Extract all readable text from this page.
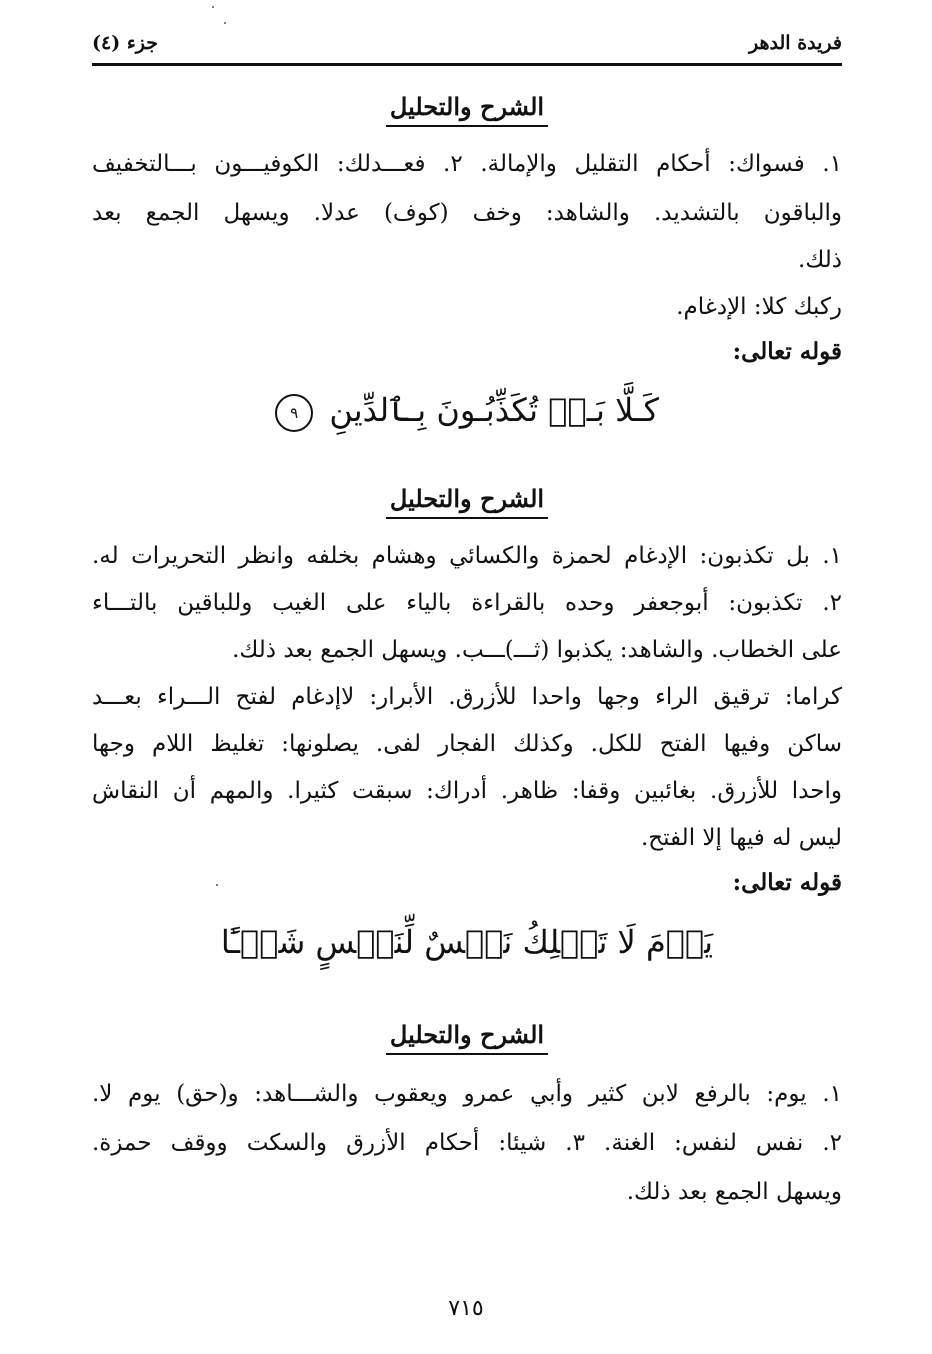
فريدة الدهر
جزء (٤)
الشرح والتحليل
١. فسواك: أحكام التقليل والإمالة. ٢. فعـــدلك: الكوفيـــون بـــالتخفيف
والباقون بالتشديد. والشاهد: وخف (كوف) عدلا. ويسهل الجمع بعد
ذلك.
ركبك كلا: الإدغام.
قوله تعالى:
كَـلَّا بَـلۡ تُكَذِّبُـونَ بِـٱلدِّينِ ٩
الشرح والتحليل
١. بل تكذبون: الإدغام لحمزة والكسائي وهشام بخلفه وانظر التحريرات له.
٢. تكذبون: أبوجعفر وحده بالقراءة بالياء على الغيب وللباقين بالتـــاء
على الخطاب. والشاهد: يكذبوا (ثـــ)ـــب. ويسهل الجمع بعد ذلك.
كراما: ترقيق الراء وجها واحدا للأزرق. الأبرار: لاإدغام لفتح الـــراء بعـــد
ساكن وفيها الفتح للكل. وكذلك الفجار لفى. يصلونها: تغليظ اللام وجها
واحدا للأزرق. بغائبين وقفا: ظاهر. أدراك: سبقت كثيرا. والمهم أن النقاش
ليس له فيها إلا الفتح.
قوله تعالى:
يَوۡمَ لَا تَمۡلِكُ نَفۡسٌ لِّنَفۡسٍ شَيۡـًٔا
الشرح والتحليل
١. يوم: بالرفع لابن كثير وأبي عمرو ويعقوب والشـــاهد: و(حق) يوم لا.
٢. نفس لنفس: الغنة. ٣. شيئا: أحكام الأزرق والسكت ووقف حمزة.
ويسهل الجمع بعد ذلك.
٧١٥
